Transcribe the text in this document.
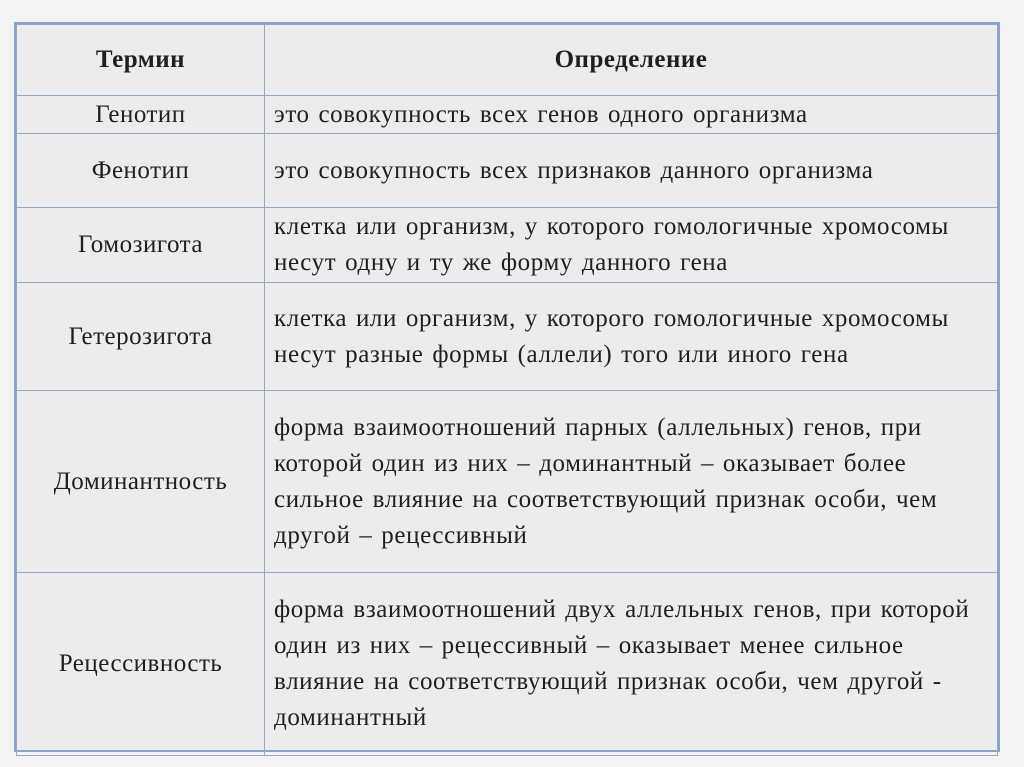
Термин	Определение
Генотип	это совокупность всех генов одного организма
Фенотип	это совокупность всех признаков данного организма
Гомозигота	клетка или организм, у которого гомологичные хромосомы несут одну и ту же форму данного гена
Гетерозигота	клетка или организм, у которого гомологичные хромосомы несут разные формы (аллели) того или иного гена
Доминантность	форма взаимоотношений парных (аллельных) генов, при которой один из них – доминантный – оказывает более сильное влияние на соответствующий признак особи, чем другой – рецессивный
Рецессивность	форма взаимоотношений двух аллельных генов, при которой один из них – рецессивный – оказывает менее сильное влияние на соответствующий признак особи, чем другой - доминантный
